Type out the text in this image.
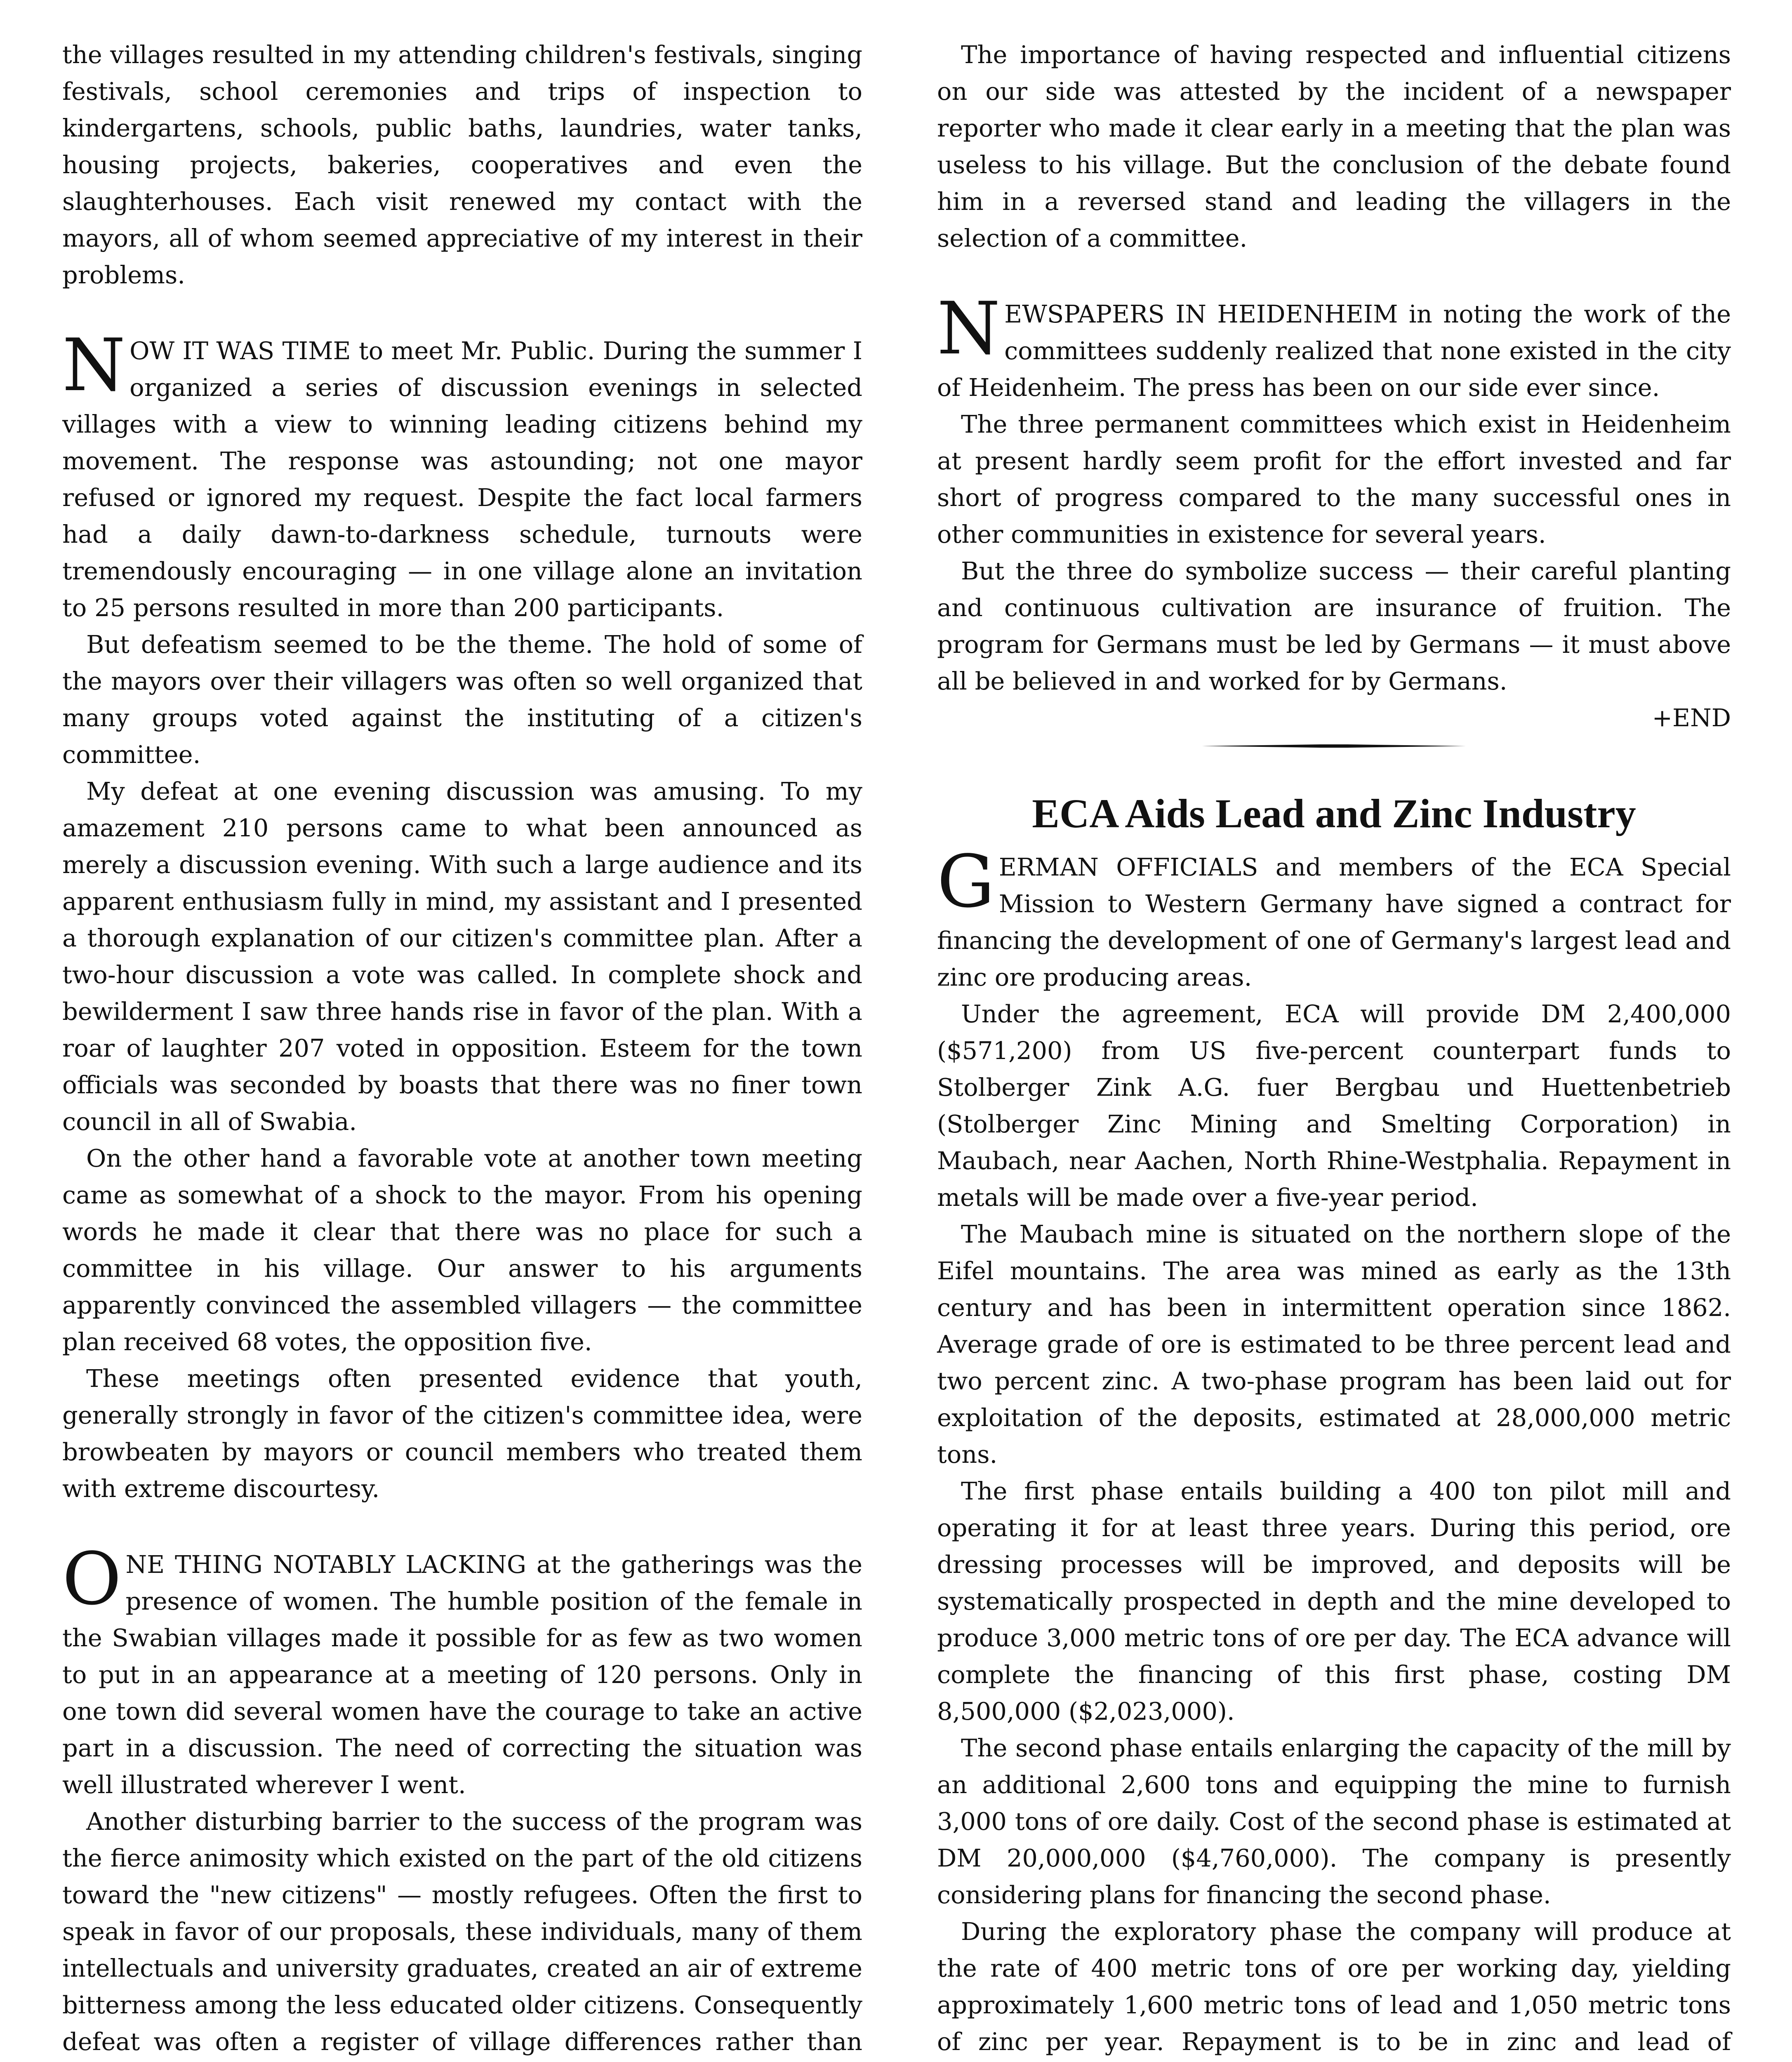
the villages resulted in my attending children's festivals, singing festivals, school ceremonies and trips of inspection to kindergartens, schools, public baths, laundries, water tanks, housing projects, bakeries, cooperatives and even the slaughterhouses. Each visit renewed my contact with the mayors, all of whom seemed appreciative of my interest in their problems.

NOW IT WAS TIME to meet Mr. Public. During the summer I organized a series of discussion evenings in selected villages with a view to winning leading citizens behind my movement. The response was astounding; not one mayor refused or ignored my request. Despite the fact local farmers had a daily dawn-to-darkness schedule, turnouts were tremendously encouraging — in one village alone an invitation to 25 persons resulted in more than 200 participants.

But defeatism seemed to be the theme. The hold of some of the mayors over their villagers was often so well organized that many groups voted against the instituting of a citizen's committee.

My defeat at one evening discussion was amusing. To my amazement 210 persons came to what been announced as merely a discussion evening. With such a large audience and its apparent enthusiasm fully in mind, my assistant and I presented a thorough explanation of our citizen's committee plan. After a two-hour discussion a vote was called. In complete shock and bewilderment I saw three hands rise in favor of the plan. With a roar of laughter 207 voted in opposition. Esteem for the town officials was seconded by boasts that there was no finer town council in all of Swabia.

On the other hand a favorable vote at another town meeting came as somewhat of a shock to the mayor. From his opening words he made it clear that there was no place for such a committee in his village. Our answer to his arguments apparently convinced the assembled villagers — the committee plan received 68 votes, the opposition five.

These meetings often presented evidence that youth, generally strongly in favor of the citizen's committee idea, were browbeaten by mayors or council members who treated them with extreme discourtesy.

ONE THING NOTABLY LACKING at the gatherings was the presence of women. The humble position of the female in the Swabian villages made it possible for as few as two women to put in an appearance at a meeting of 120 persons. Only in one town did several women have the courage to take an active part in a discussion. The need of correcting the situation was well illustrated wherever I went.

Another disturbing barrier to the success of the program was the fierce animosity which existed on the part of the old citizens toward the "new citizens" — mostly refugees. Often the first to speak in favor of our proposals, these individuals, many of them intellectuals and university graduates, created an air of extreme bitterness among the less educated older citizens. Consequently defeat was often a register of village differences rather than

The importance of having respected and influential citizens on our side was attested by the incident of a newspaper reporter who made it clear early in a meeting that the plan was useless to his village. But the conclusion of the debate found him in a reversed stand and leading the villagers in the selection of a committee.

NEWSPAPERS IN HEIDENHEIM in noting the work of the committees suddenly realized that none existed in the city of Heidenheim. The press has been on our side ever since.

The three permanent committees which exist in Heidenheim at present hardly seem profit for the effort invested and far short of progress compared to the many successful ones in other communities in existence for several years.

But the three do symbolize success — their careful planting and continuous cultivation are insurance of fruition. The program for Germans must be led by Germans — it must above all be believed in and worked for by Germans.

+END

ECA Aids Lead and Zinc Industry

GERMAN OFFICIALS and members of the ECA Special Mission to Western Germany have signed a contract for financing the development of one of Germany's largest lead and zinc ore producing areas.

Under the agreement, ECA will provide DM 2,400,000 ($571,200) from US five-percent counterpart funds to Stolberger Zink A.G. fuer Bergbau und Huettenbetrieb (Stolberger Zinc Mining and Smelting Corporation) in Maubach, near Aachen, North Rhine-Westphalia. Repayment in metals will be made over a five-year period.

The Maubach mine is situated on the northern slope of the Eifel mountains. The area was mined as early as the 13th century and has been in intermittent operation since 1862. Average grade of ore is estimated to be three percent lead and two percent zinc. A two-phase program has been laid out for exploitation of the deposits, estimated at 28,000,000 metric tons.

The first phase entails building a 400 ton pilot mill and operating it for at least three years. During this period, ore dressing processes will be improved, and deposits will be systematically prospected in depth and the mine developed to produce 3,000 metric tons of ore per day. The ECA advance will complete the financing of this first phase, costing DM 8,500,000 ($2,023,000).

The second phase entails enlarging the capacity of the mill by an additional 2,600 tons and equipping the mine to furnish 3,000 tons of ore daily. Cost of the second phase is estimated at DM 20,000,000 ($4,760,000). The company is presently considering plans for financing the second phase.

During the exploratory phase the company will produce at the rate of 400 metric tons of ore per working day, yielding approximately 1,600 metric tons of lead and 1,050 metric tons of zinc per year. Repayment is to be in zinc and lead of
